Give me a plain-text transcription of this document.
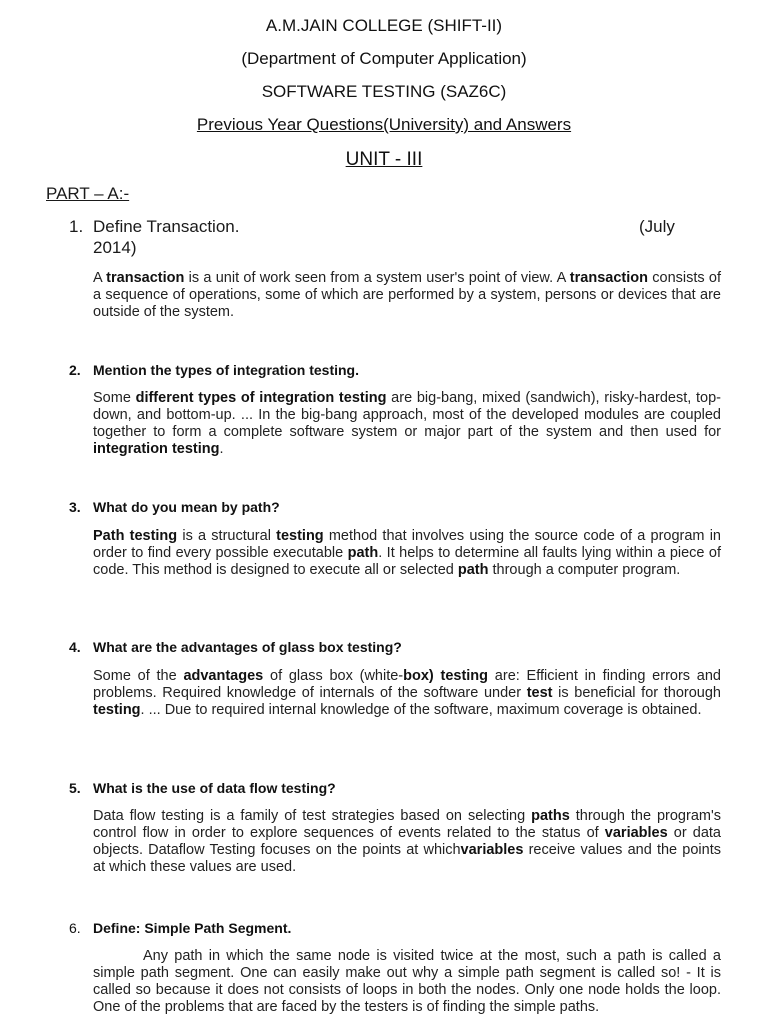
A.M.JAIN COLLEGE (SHIFT-II)
(Department of Computer Application)
SOFTWARE TESTING (SAZ6C)
Previous Year Questions(University) and Answers
UNIT - III
PART – A:-
1. Define Transaction.	(July
2014)
A transaction is a unit of work seen from a system user's point of view. A transaction consists of a sequence of operations, some of which are performed by a system, persons or devices that are outside of the system.
2. Mention the types of integration testing.
Some different types of integration testing are big-bang, mixed (sandwich), risky-hardest, top-down, and bottom-up. ... In the big-bang approach, most of the developed modules are coupled together to form a complete software system or major part of the system and then used for integration testing.
3. What do you mean by path?
Path testing is a structural testing method that involves using the source code of a program in order to find every possible executable path. It helps to determine all faults lying within a piece of code. This method is designed to execute all or selected path through a computer program.
4. What are the advantages of glass box testing?
Some of the advantages of glass box (white-box) testing are: Efficient in finding errors and problems. Required knowledge of internals of the software under test is beneficial for thorough testing. ... Due to required internal knowledge of the software, maximum coverage is obtained.
5. What is the use of data flow testing?
Data flow testing is a family of test strategies based on selecting paths through the program's control flow in order to explore sequences of events related to the status of variables or data objects. Dataflow Testing focuses on the points at whichvariables receive values and the points at which these values are used.
6. Define: Simple Path Segment.
Any path in which the same node is visited twice at the most, such a path is called a simple path segment. One can easily make out why a simple path segment is called so! - It is called so because it does not consists of loops in both the nodes. Only one node holds the loop. One of the problems that are faced by the testers is of finding the simple paths.
